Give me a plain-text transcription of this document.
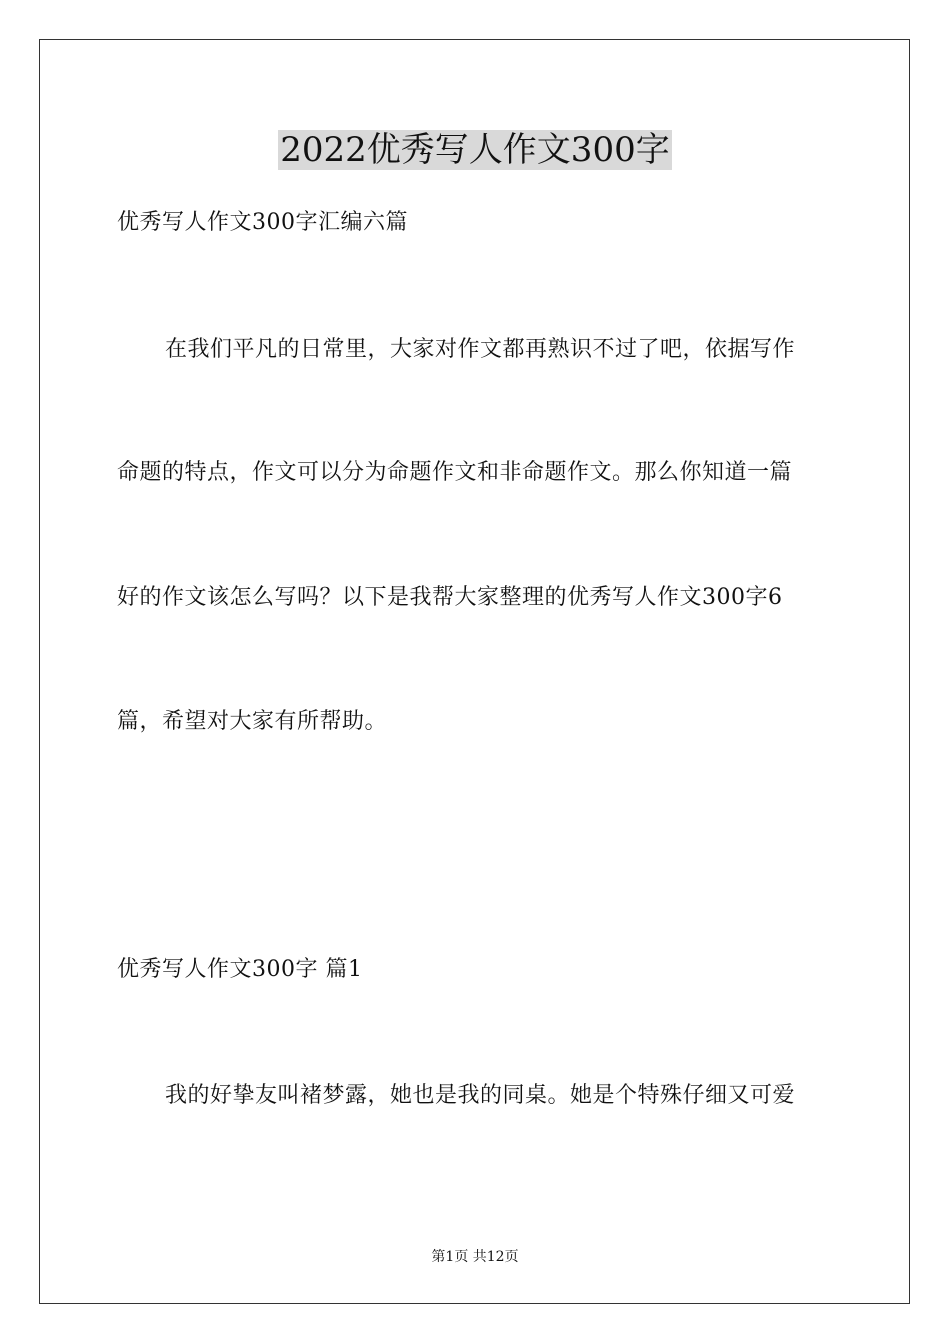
2022优秀写人作文300字
优秀写人作文300字汇编六篇
在我们平凡的日常里，大家对作文都再熟识不过了吧，依据写作
命题的特点，作文可以分为命题作文和非命题作文。那么你知道一篇
好的作文该怎么写吗？以下是我帮大家整理的优秀写人作文300字6
篇，希望对大家有所帮助。
优秀写人作文300字 篇1
我的好挚友叫褚梦露，她也是我的同桌。她是个特殊仔细又可爱
第1页 共12页
